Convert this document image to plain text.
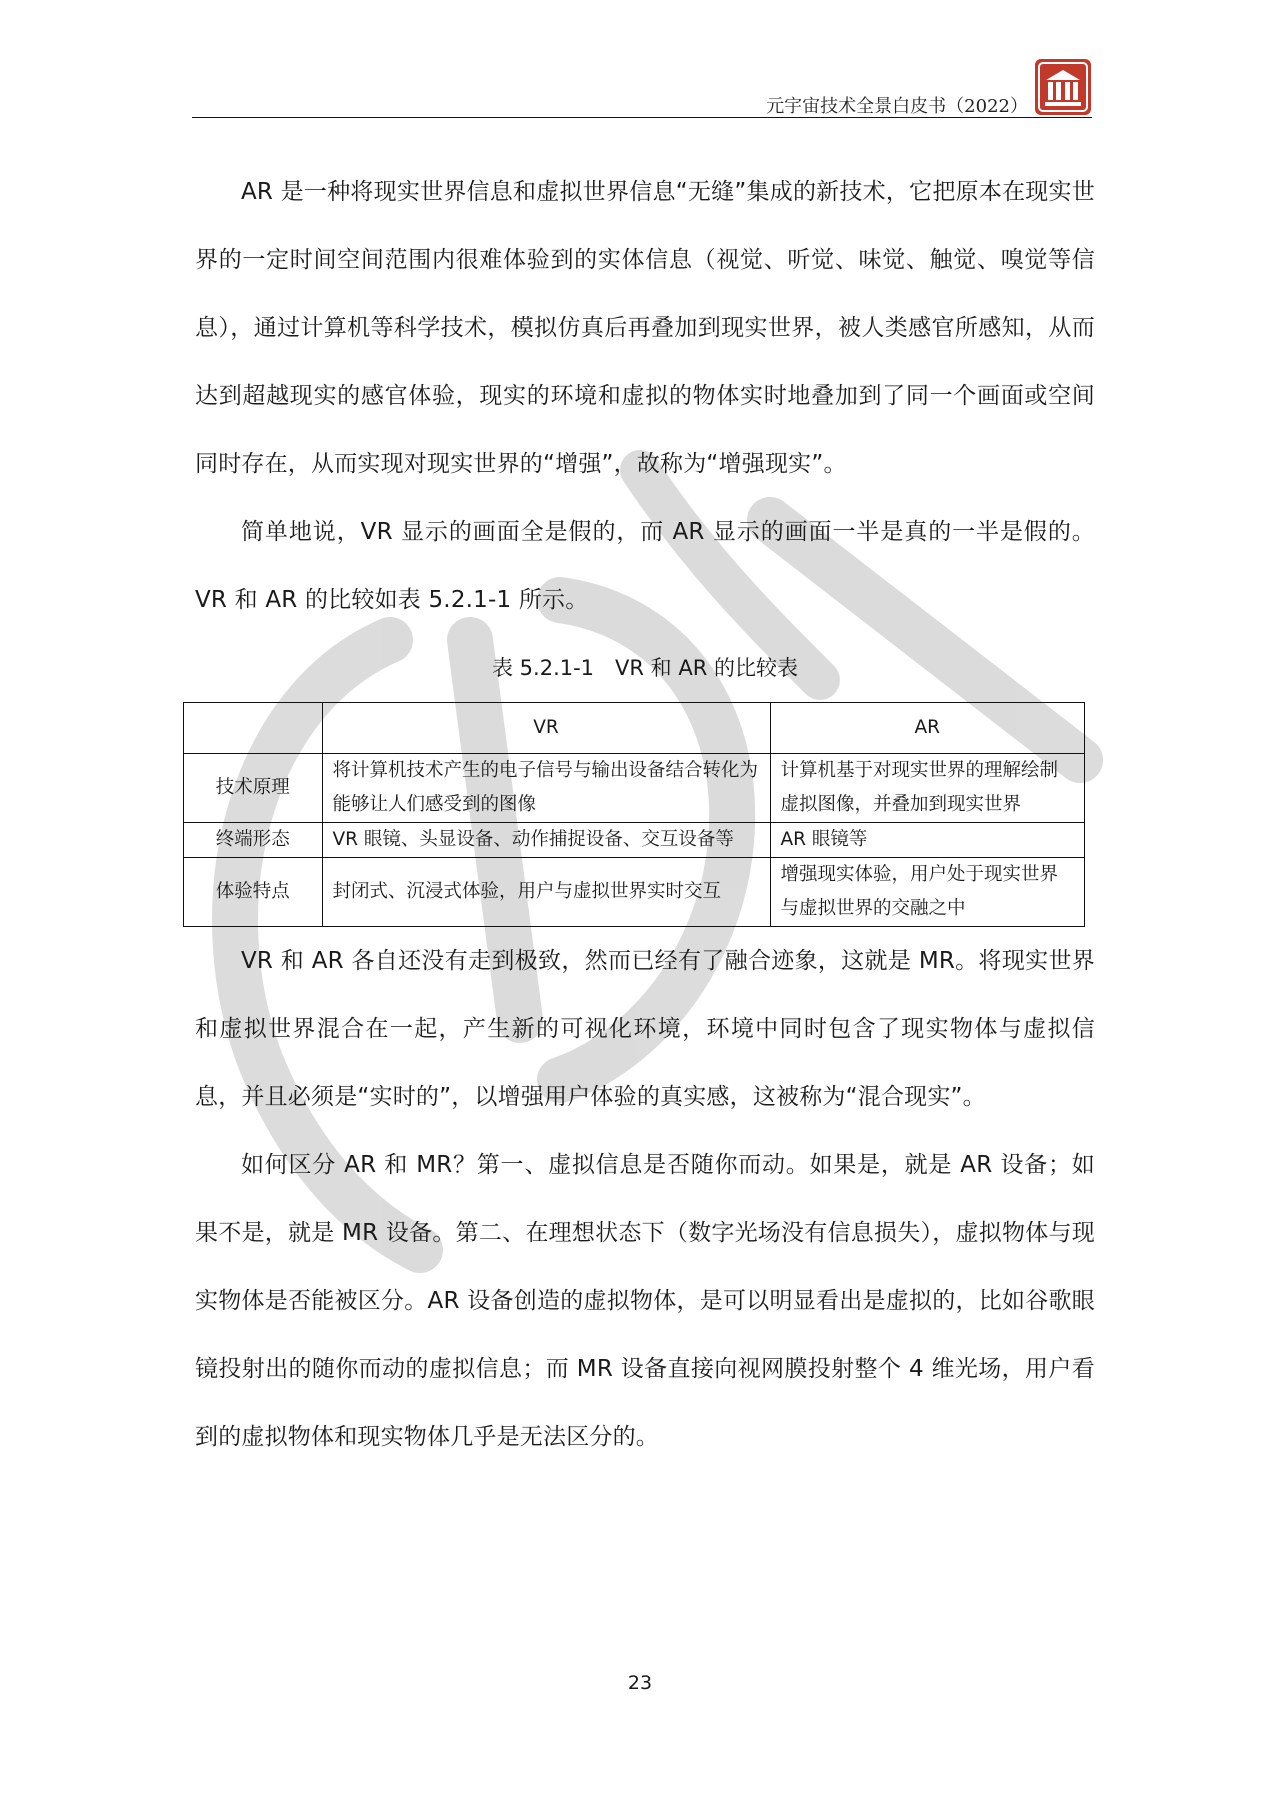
元宇宙技术全景白皮书（2022）

AR 是一种将现实世界信息和虚拟世界信息“无缝”集成的新技术，它把原本在现实世界的一定时间空间范围内很难体验到的实体信息（视觉、听觉、味觉、触觉、嗅觉等信息），通过计算机等科学技术，模拟仿真后再叠加到现实世界，被人类感官所感知，从而达到超越现实的感官体验，现实的环境和虚拟的物体实时地叠加到了同一个画面或空间同时存在，从而实现对现实世界的“增强”，故称为“增强现实”。

简单地说，VR 显示的画面全是假的，而 AR 显示的画面一半是真的一半是假的。VR 和 AR 的比较如表 5.2.1-1 所示。

表 5.2.1-1　VR 和 AR 的比较表

	VR	AR
技术原理	将计算机技术产生的电子信号与输出设备结合转化为能够让人们感受到的图像	计算机基于对现实世界的理解绘制虚拟图像，并叠加到现实世界
终端形态	VR 眼镜、头显设备、动作捕捉设备、交互设备等	AR 眼镜等
体验特点	封闭式、沉浸式体验，用户与虚拟世界实时交互	增强现实体验，用户处于现实世界与虚拟世界的交融之中

VR 和 AR 各自还没有走到极致，然而已经有了融合迹象，这就是 MR。将现实世界和虚拟世界混合在一起，产生新的可视化环境，环境中同时包含了现实物体与虚拟信息，并且必须是“实时的”，以增强用户体验的真实感，这被称为“混合现实”。

如何区分 AR 和 MR？第一、虚拟信息是否随你而动。如果是，就是 AR 设备；如果不是，就是 MR 设备。第二、在理想状态下（数字光场没有信息损失），虚拟物体与现实物体是否能被区分。AR 设备创造的虚拟物体，是可以明显看出是虚拟的，比如谷歌眼镜投射出的随你而动的虚拟信息；而 MR 设备直接向视网膜投射整个 4 维光场，用户看到的虚拟物体和现实物体几乎是无法区分的。

23
